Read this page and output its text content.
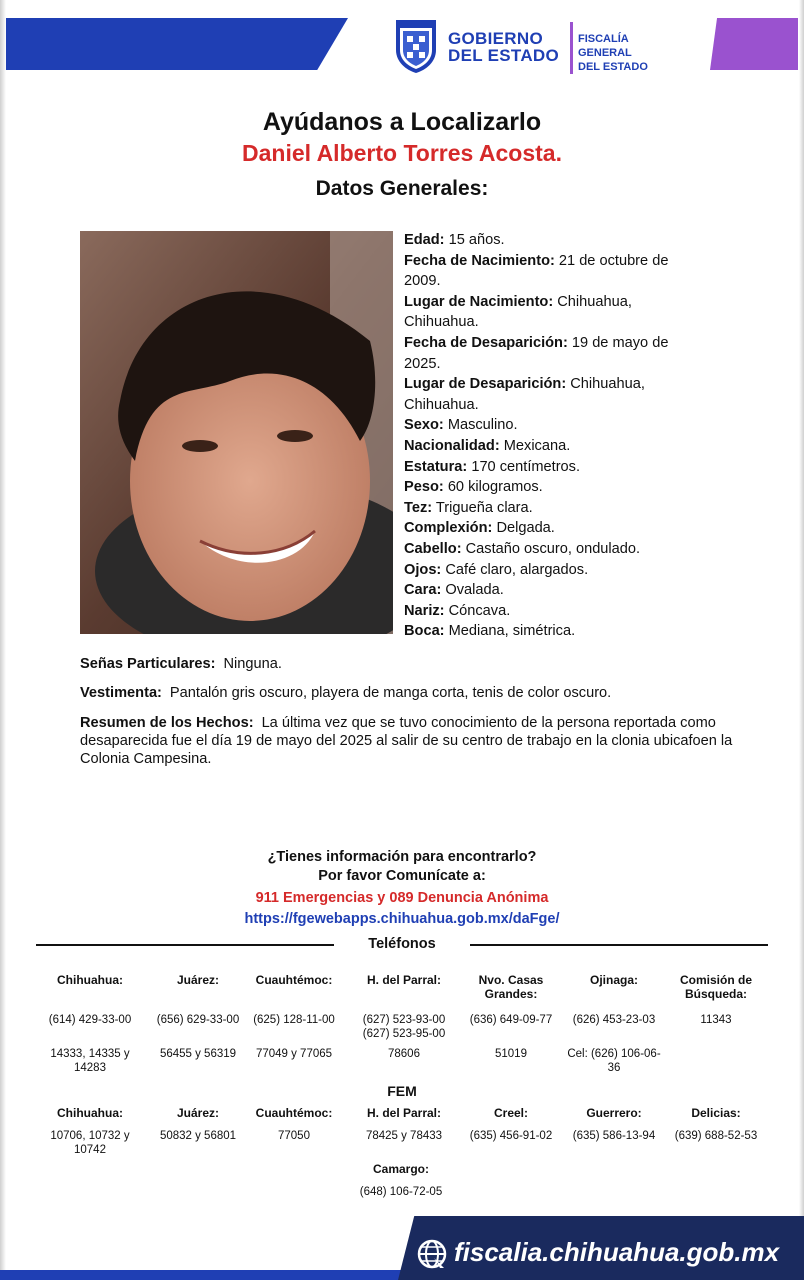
GOBIERNO
DEL ESTADO
FISCALÍA GENERAL
DEL ESTADO
Ayúdanos a Localizarlo
Daniel Alberto Torres Acosta.
Datos Generales:
Edad: 15 años.
Fecha de Nacimiento: 21 de octubre de 2009.
Lugar de Nacimiento: Chihuahua, Chihuahua.
Fecha de Desaparición: 19 de mayo de 2025.
Lugar de Desaparición: Chihuahua, Chihuahua.
Sexo: Masculino.
Nacionalidad: Mexicana.
Estatura: 170 centímetros.
Peso: 60 kilogramos.
Tez: Trigueña clara.
Complexión: Delgada.
Cabello: Castaño oscuro, ondulado.
Ojos: Café claro, alargados.
Cara: Ovalada.
Nariz: Cóncava.
Boca: Mediana, simétrica.
Señas Particulares: Ninguna.
Vestimenta: Pantalón gris oscuro, playera de manga corta, tenis de color oscuro.
Resumen de los Hechos: La última vez que se tuvo conocimiento de la persona reportada como desaparecida fue el día 19 de mayo del 2025 al salir de su centro de trabajo en la clonia ubicafoen la Colonia Campesina.
¿Tienes información para encontrarlo?
Por favor Comunícate a:
911 Emergencias y 089 Denuncia Anónima
https://fgewebapps.chihuahua.gob.mx/daFge/
Teléfonos
Chihuahua:
(614) 429-33-00
14333, 14335 y 14283
Juárez:
(656) 629-33-00
56455 y 56319
Cuauhtémoc:
(625) 128-11-00
77049 y 77065
H. del Parral:
(627) 523-93-00 (627) 523-95-00
78606
Nvo. Casas Grandes:
(636) 649-09-77
51019
Ojinaga:
(626) 453-23-03
Cel: (626) 106-06-36
Comisión de Búsqueda:
11343
FEM
Chihuahua:
10706, 10732 y 10742
Juárez:
50832 y 56801
Cuauhtémoc:
77050
H. del Parral:
78425 y 78433
Creel:
(635) 456-91-02
Guerrero:
(635) 586-13-94
Delicias:
(639) 688-52-53
Camargo:
(648) 106-72-05
fiscalia.chihuahua.gob.mx
